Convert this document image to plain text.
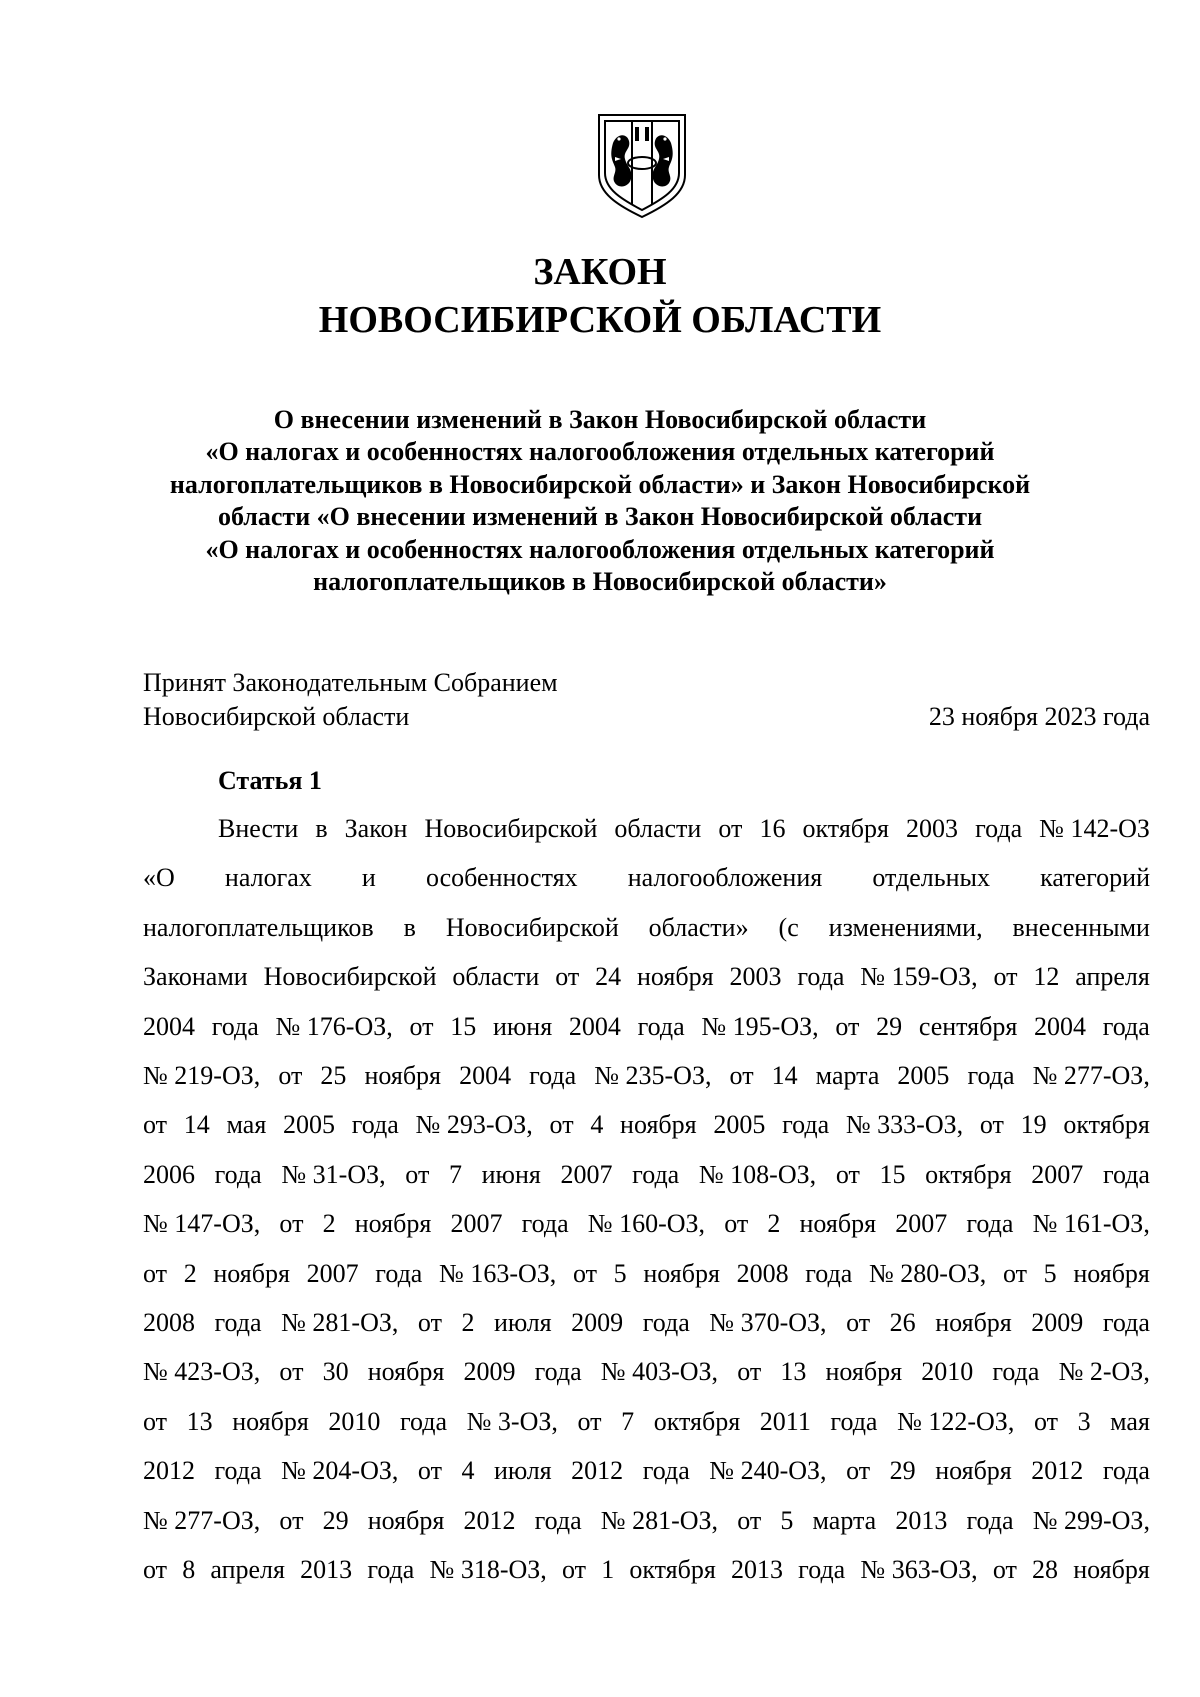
ЗАКОН
НОВОСИБИРСКОЙ ОБЛАСТИ
О внесении изменений в Закон Новосибирской области
«О налогах и особенностях налогообложения отдельных категорий
налогоплательщиков в Новосибирской области» и Закон Новосибирской
области «О внесении изменений в Закон Новосибирской области
«О налогах и особенностях налогообложения отдельных категорий
налогоплательщиков в Новосибирской области»
Принят Законодательным Собранием
Новосибирской области	23 ноября 2023 года
Статья 1
Внести в Закон Новосибирской области от 16 октября 2003 года № 142-ОЗ
«О налогах и особенностях налогообложения отдельных категорий
налогоплательщиков в Новосибирской области» (с изменениями, внесенными
Законами Новосибирской области от 24 ноября 2003 года № 159-ОЗ, от 12 апреля
2004 года № 176-ОЗ, от 15 июня 2004 года № 195-ОЗ, от 29 сентября 2004 года
№ 219-ОЗ, от 25 ноября 2004 года № 235-ОЗ, от 14 марта 2005 года № 277-ОЗ,
от 14 мая 2005 года № 293-ОЗ, от 4 ноября 2005 года № 333-ОЗ, от 19 октября
2006 года № 31-ОЗ, от 7 июня 2007 года № 108-ОЗ, от 15 октября 2007 года
№ 147-ОЗ, от 2 ноября 2007 года № 160-ОЗ, от 2 ноября 2007 года № 161-ОЗ,
от 2 ноября 2007 года № 163-ОЗ, от 5 ноября 2008 года № 280-ОЗ, от 5 ноября
2008 года № 281-ОЗ, от 2 июля 2009 года № 370-ОЗ, от 26 ноября 2009 года
№ 423-ОЗ, от 30 ноября 2009 года № 403-ОЗ, от 13 ноября 2010 года № 2-ОЗ,
от 13 ноября 2010 года № 3-ОЗ, от 7 октября 2011 года № 122-ОЗ, от 3 мая
2012 года № 204-ОЗ, от 4 июля 2012 года № 240-ОЗ, от 29 ноября 2012 года
№ 277-ОЗ, от 29 ноября 2012 года № 281-ОЗ, от 5 марта 2013 года № 299-ОЗ,
от 8 апреля 2013 года № 318-ОЗ, от 1 октября 2013 года № 363-ОЗ, от 28 ноября
